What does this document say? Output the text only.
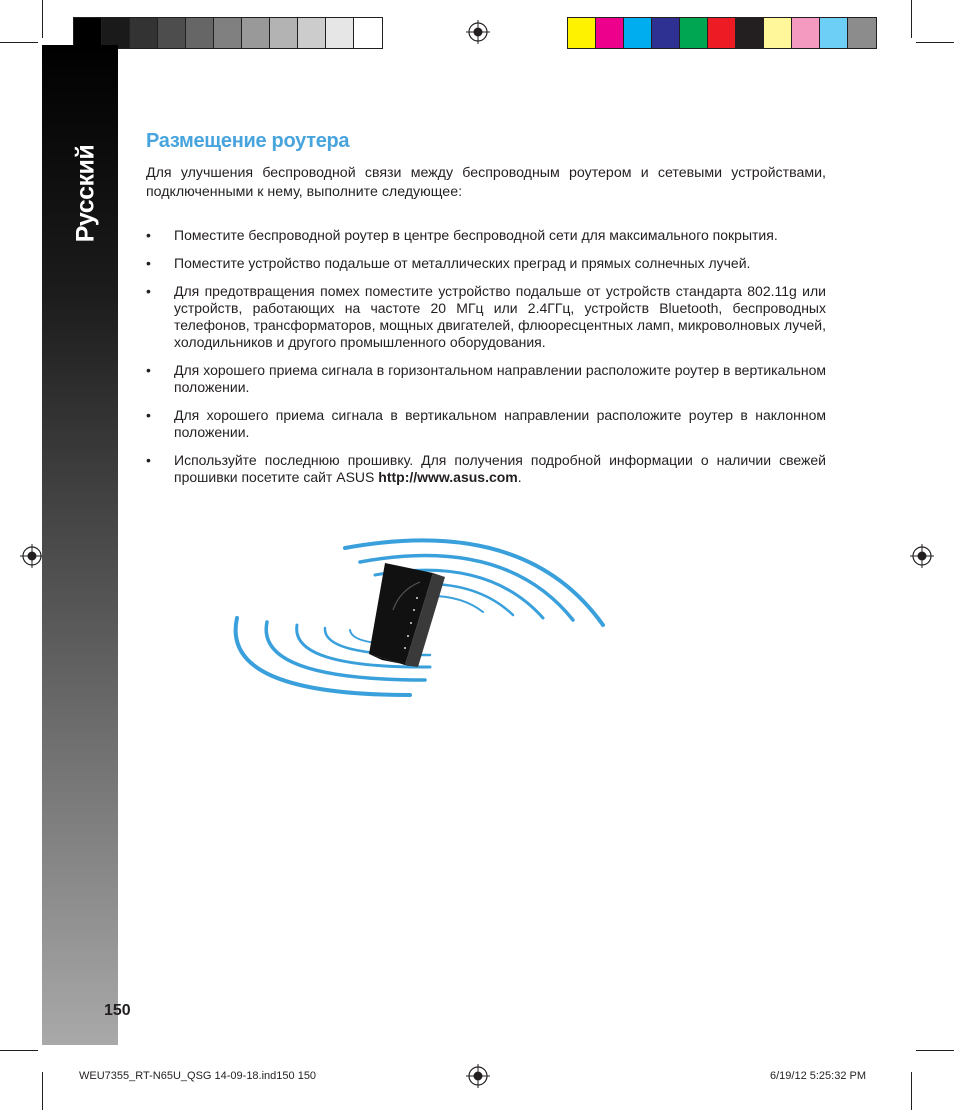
Русский
Размещение роутера
Для улучшения беспроводной связи между беспроводным роутером и сетевыми устройствами, подключенными к нему, выполните следующее:
• Поместите беспроводной роутер в центре беспроводной сети для максимального покрытия.
• Поместите устройство подальше от металлических преград и прямых солнечных лучей.
• Для предотвращения помех поместите устройство подальше от устройств стандарта 802.11g или устройств, работающих на частоте 20 МГц или 2.4ГГц, устройств Bluetooth, беспроводных телефонов, трансформаторов, мощных двигателей, флюоресцентных ламп, микроволновых лучей, холодильников и другого промышленного оборудования.
• Для хорошего приема сигнала в горизонтальном направлении расположите роутер в вертикальном положении.
• Для хорошего приема сигнала в вертикальном направлении расположите роутер в наклонном положении.
• Используйте последнюю прошивку. Для получения подробной информации о наличии свежей прошивки посетите сайт ASUS http://www.asus.com.
150
WEU7355_RT-N65U_QSG 14-09-18.ind150 150	6/19/12 5:25:32 PM
